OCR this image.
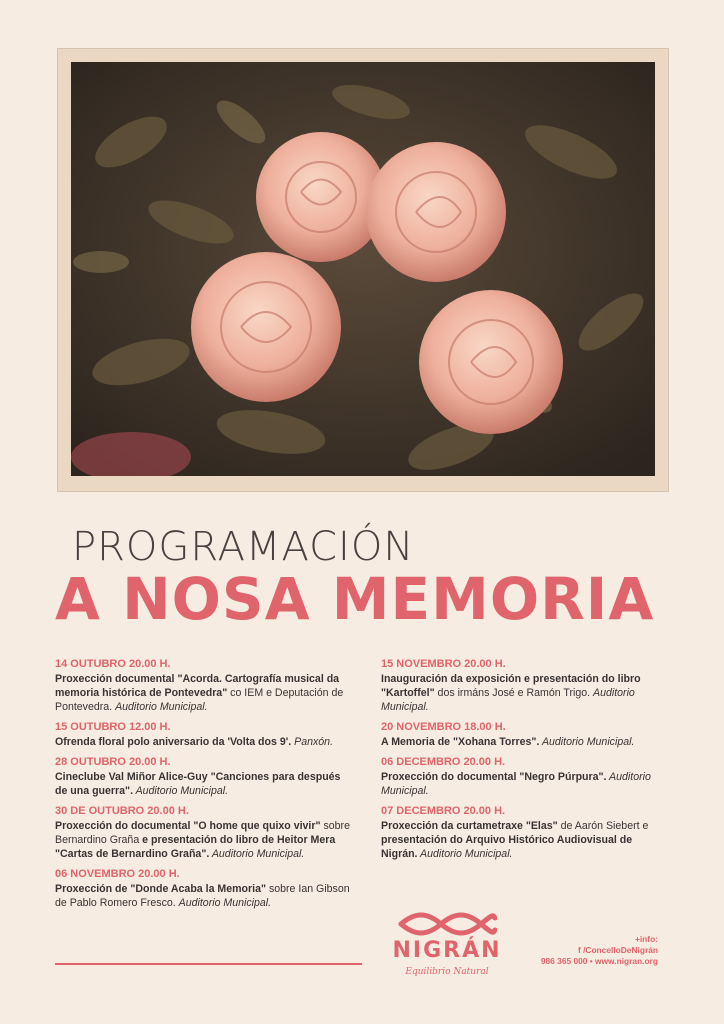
PROGRAMACIÓN
A NOSA MEMORIA
14 OUTUBRO 20.00 H.
Proxección documental "Acorda. Cartografía musical da memoria histórica de Pontevedra" co IEM e Deputación de Pontevedra. Auditorio Municipal.
15 OUTUBRO 12.00 H.
Ofrenda floral polo aniversario da 'Volta dos 9'. Panxón.
28 OUTUBRO 20.00 H.
Cineclube Val Miñor Alice-Guy "Canciones para después de una guerra". Auditorio Municipal.
30 DE OUTUBRO 20.00 H.
Proxección do documental "O home que quixo vivir" sobre Bernardino Graña e presentación do libro de Heitor Mera "Cartas de Bernardino Graña". Auditorio Municipal.
06 NOVEMBRO 20.00 H.
Proxección de "Donde Acaba la Memoria" sobre Ian Gibson de Pablo Romero Fresco. Auditorio Municipal.
15 NOVEMBRO 20.00 H.
Inauguración da exposición e presentación do libro "Kartoffel" dos irmáns José e Ramón Trigo. Auditorio Municipal.
20 NOVEMBRO 18.00 H.
A Memoria de "Xohana Torres". Auditorio Municipal.
06 DECEMBRO 20.00 H.
Proxección do documental "Negro Púrpura". Auditorio Municipal.
07 DECEMBRO 20.00 H.
Proxección da curtametraxe "Elas" de Aarón Siebert e presentación do Arquivo Histórico Audiovisual de Nigrán. Auditorio Municipal.
NIGRÁN
Equilibrio Natural
+info:
f /ConcelloDeNigrán
986 365 000 • www.nigran.org
